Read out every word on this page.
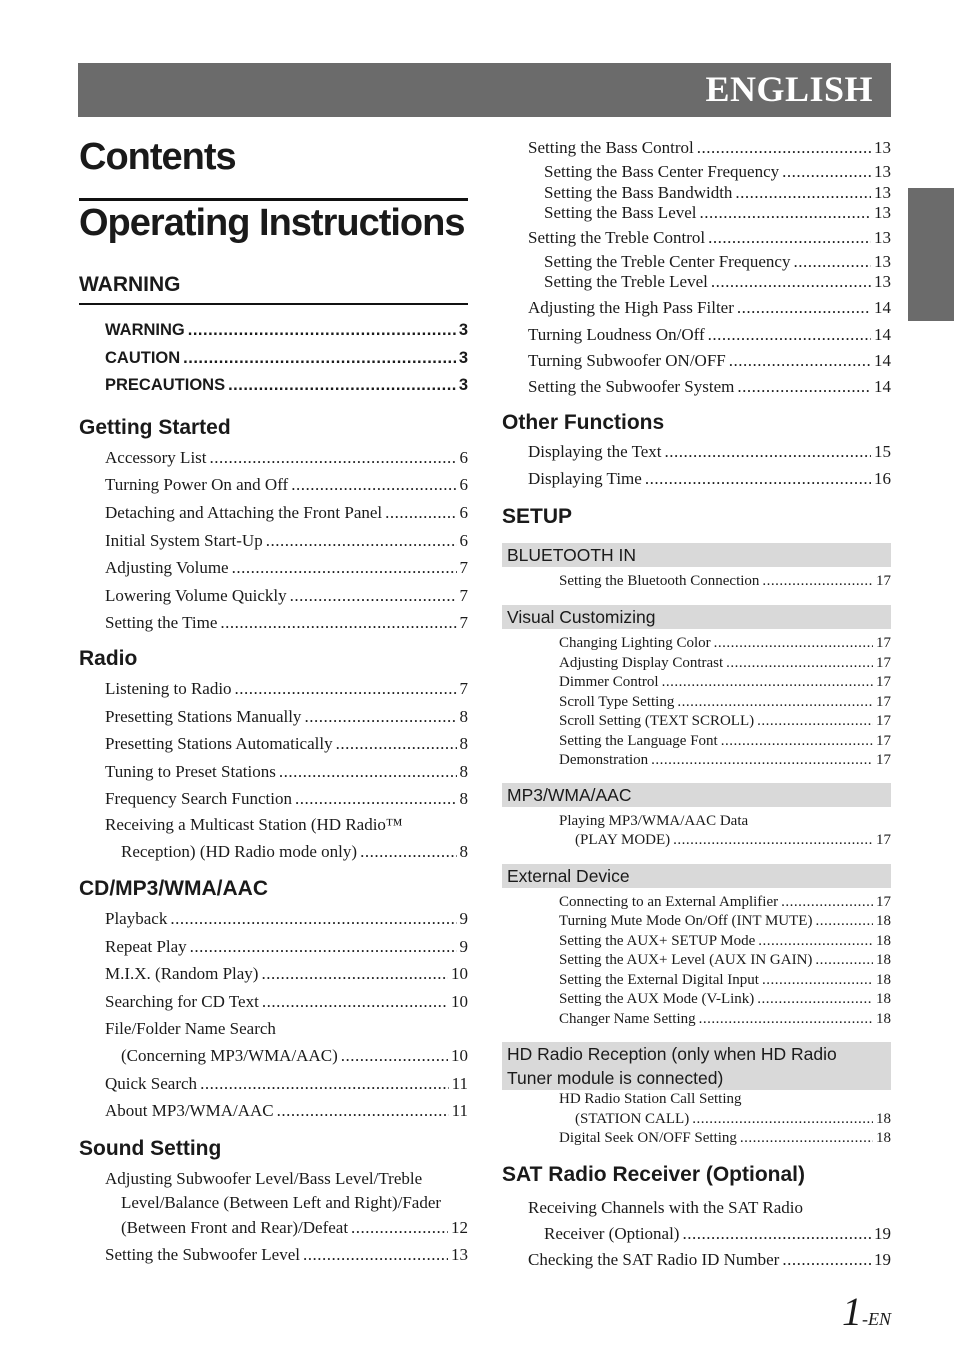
ENGLISH
Contents
Operating Instructions
WARNING
WARNING .....	3
CAUTION .....	3
PRECAUTIONS .....	3
Getting Started
Accessory List .....	6
Turning Power On and Off .....	6
Detaching and Attaching the Front Panel .....	6
Initial System Start-Up .....	6
Adjusting Volume .....	7
Lowering Volume Quickly .....	7
Setting the Time .....	7
Radio
Listening to Radio .....	7
Presetting Stations Manually .....	8
Presetting Stations Automatically .....	8
Tuning to Preset Stations .....	8
Frequency Search Function .....	8
Receiving a Multicast Station (HD Radio™
Reception) (HD Radio mode only) .....	8
CD/MP3/WMA/AAC
Playback .....	9
Repeat Play .....	9
M.I.X. (Random Play) .....	10
Searching for CD Text .....	10
File/Folder Name Search
(Concerning MP3/WMA/AAC) .....	10
Quick Search .....	11
About MP3/WMA/AAC .....	11
Sound Setting
Adjusting Subwoofer Level/Bass Level/Treble
Level/Balance (Between Left and Right)/Fader
(Between Front and Rear)/Defeat .....	12
Setting the Subwoofer Level .....	13
Setting the Bass Control .....	13
Setting the Bass Center Frequency .....	13
Setting the Bass Bandwidth .....	13
Setting the Bass Level .....	13
Setting the Treble Control .....	13
Setting the Treble Center Frequency .....	13
Setting the Treble Level .....	13
Adjusting the High Pass Filter .....	14
Turning Loudness On/Off .....	14
Turning Subwoofer ON/OFF .....	14
Setting the Subwoofer System .....	14
Other Functions
Displaying the Text .....	15
Displaying Time .....	16
SETUP
BLUETOOTH IN
Setting the Bluetooth Connection .....	17
Visual Customizing
Changing Lighting Color .....	17
Adjusting Display Contrast .....	17
Dimmer Control .....	17
Scroll Type Setting .....	17
Scroll Setting (TEXT SCROLL) .....	17
Setting the Language Font .....	17
Demonstration .....	17
MP3/WMA/AAC
Playing MP3/WMA/AAC Data
(PLAY MODE) .....	17
External Device
Connecting to an External Amplifier .....	17
Turning Mute Mode On/Off (INT MUTE) .....	18
Setting the AUX+ SETUP Mode .....	18
Setting the AUX+ Level (AUX IN GAIN) .....	18
Setting the External Digital Input .....	18
Setting the AUX Mode (V-Link) .....	18
Changer Name Setting .....	18
HD Radio Reception (only when HD Radio
Tuner module is connected)
HD Radio Station Call Setting
(STATION CALL) .....	18
Digital Seek ON/OFF Setting .....	18
SAT Radio Receiver (Optional)
Receiving Channels with the SAT Radio
Receiver (Optional) .....	19
Checking the SAT Radio ID Number .....	19
1-EN
